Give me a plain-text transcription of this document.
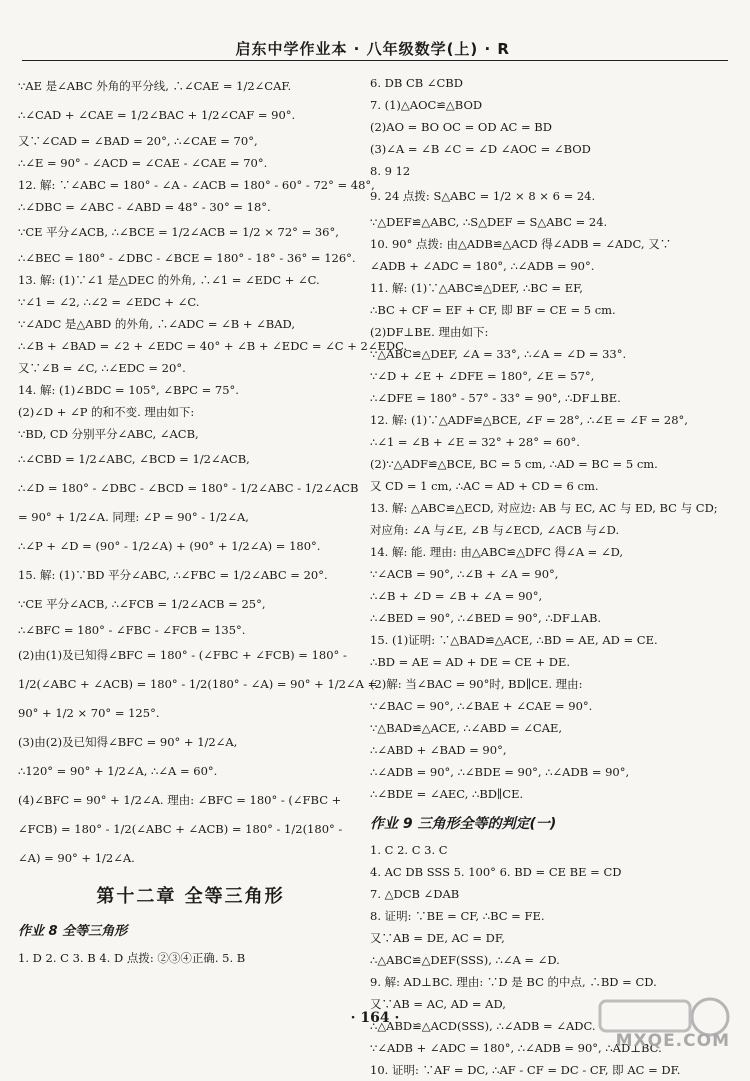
启东中学作业本 · 八年级数学(上) · R
∵AE 是∠ABC 外角的平分线, ∴∠CAE = 1/2∠CAF.
∴∠CAD + ∠CAE = 1/2∠BAC + 1/2∠CAF = 90°.
又∵∠CAD = ∠BAD = 20°, ∴∠CAE = 70°,
∴∠E = 90° - ∠ACD = ∠CAE - ∠CAE = 70°.
12. 解: ∵∠ABC = 180° - ∠A - ∠ACB = 180° - 60° - 72° = 48°,
∴∠DBC = ∠ABC - ∠ABD = 48° - 30° = 18°.
∵CE 平分∠ACB, ∴∠BCE = 1/2∠ACB = 1/2 × 72° = 36°,
∴∠BEC = 180° - ∠DBC - ∠BCE = 180° - 18° - 36° = 126°.
13. 解: (1)∵∠1 是△DEC 的外角, ∴∠1 = ∠EDC + ∠C.
∵∠1 = ∠2, ∴∠2 = ∠EDC + ∠C.
∵∠ADC 是△ABD 的外角, ∴∠ADC = ∠B + ∠BAD,
∴∠B + ∠BAD = ∠2 + ∠EDC = 40° + ∠B + ∠EDC = ∠C + 2∠EDC.
又∵∠B = ∠C, ∴∠EDC = 20°.
14. 解: (1)∠BDC = 105°, ∠BPC = 75°.
(2)∠D + ∠P 的和不变. 理由如下:
∵BD, CD 分别平分∠ABC, ∠ACB,
∴∠CBD = 1/2∠ABC, ∠BCD = 1/2∠ACB,
∴∠D = 180° - ∠DBC - ∠BCD = 180° - 1/2∠ABC - 1/2∠ACB
= 90° + 1/2∠A. 同理: ∠P = 90° - 1/2∠A,
∴∠P + ∠D = (90° - 1/2∠A) + (90° + 1/2∠A) = 180°.
15. 解: (1)∵BD 平分∠ABC, ∴∠FBC = 1/2∠ABC = 20°.
∵CE 平分∠ACB, ∴∠FCB = 1/2∠ACB = 25°,
∴∠BFC = 180° - ∠FBC - ∠FCB = 135°.
(2)由(1)及已知得∠BFC = 180° - (∠FBC + ∠FCB) = 180° -
1/2(∠ABC + ∠ACB) = 180° - 1/2(180° - ∠A) = 90° + 1/2∠A =
90° + 1/2 × 70° = 125°.
(3)由(2)及已知得∠BFC = 90° + 1/2∠A,
∴120° = 90° + 1/2∠A, ∴∠A = 60°.
(4)∠BFC = 90° + 1/2∠A. 理由: ∠BFC = 180° - (∠FBC +
∠FCB) = 180° - 1/2(∠ABC + ∠ACB) = 180° - 1/2(180° -
∠A) = 90° + 1/2∠A.
第十二章 全等三角形
作业 8 全等三角形
1. D 2. C 3. B 4. D 点拨: ②③④正确. 5. B
6. DB CB ∠CBD
7. (1)△AOC≌△BOD
(2)AO = BO OC = OD AC = BD
(3)∠A = ∠B ∠C = ∠D ∠AOC = ∠BOD
8. 9 12
9. 24 点拨: S△ABC = 1/2 × 8 × 6 = 24.
∵△DEF≌△ABC, ∴S△DEF = S△ABC = 24.
10. 90° 点拨: 由△ADB≌△ACD 得∠ADB = ∠ADC, 又∵
∠ADB + ∠ADC = 180°, ∴∠ADB = 90°.
11. 解: (1)∵△ABC≌△DEF, ∴BC = EF,
∴BC + CF = EF + CF, 即 BF = CE = 5 cm.
(2)DF⊥BE. 理由如下:
∵△ABC≌△DEF, ∠A = 33°, ∴∠A = ∠D = 33°.
∵∠D + ∠E + ∠DFE = 180°, ∠E = 57°,
∴∠DFE = 180° - 57° - 33° = 90°, ∴DF⊥BE.
12. 解: (1)∵△ADF≌△BCE, ∠F = 28°, ∴∠E = ∠F = 28°,
∴∠1 = ∠B + ∠E = 32° + 28° = 60°.
(2)∵△ADF≌△BCE, BC = 5 cm, ∴AD = BC = 5 cm.
又 CD = 1 cm, ∴AC = AD + CD = 6 cm.
13. 解: △ABC≌△ECD, 对应边: AB 与 EC, AC 与 ED, BC 与 CD;
对应角: ∠A 与∠E, ∠B 与∠ECD, ∠ACB 与∠D.
14. 解: 能. 理由: 由△ABC≌△DFC 得∠A = ∠D,
∵∠ACB = 90°, ∴∠B + ∠A = 90°,
∴∠B + ∠D = ∠B + ∠A = 90°,
∴∠BED = 90°, ∴∠BED = 90°, ∴DF⊥AB.
15. (1)证明: ∵△BAD≌△ACE, ∴BD = AE, AD = CE.
∴BD = AE = AD + DE = CE + DE.
(2)解: 当∠BAC = 90°时, BD∥CE. 理由:
∵∠BAC = 90°, ∴∠BAE + ∠CAE = 90°.
∵△BAD≌△ACE, ∴∠ABD = ∠CAE,
∴∠ABD + ∠BAD = 90°,
∴∠ADB = 90°, ∴∠BDE = 90°, ∴∠ADB = 90°,
∴∠BDE = ∠AEC, ∴BD∥CE.
作业 9 三角形全等的判定(一)
1. C 2. C 3. C
4. AC DB SSS 5. 100° 6. BD = CE BE = CD
7. △DCB ∠DAB
8. 证明: ∵BE = CF, ∴BC = FE.
又∵AB = DE, AC = DF,
∴△ABC≌△DEF(SSS), ∴∠A = ∠D.
9. 解: AD⊥BC. 理由: ∵D 是 BC 的中点, ∴BD = CD.
又∵AB = AC, AD = AD,
∴△ABD≌△ACD(SSS), ∴∠ADB = ∠ADC.
∵∠ADB + ∠ADC = 180°, ∴∠ADB = 90°, ∴AD⊥BC.
10. 证明: ∵AF = DC, ∴AF - CF = DC - CF, 即 AC = DF.
· 164 ·
MXQE.COM
